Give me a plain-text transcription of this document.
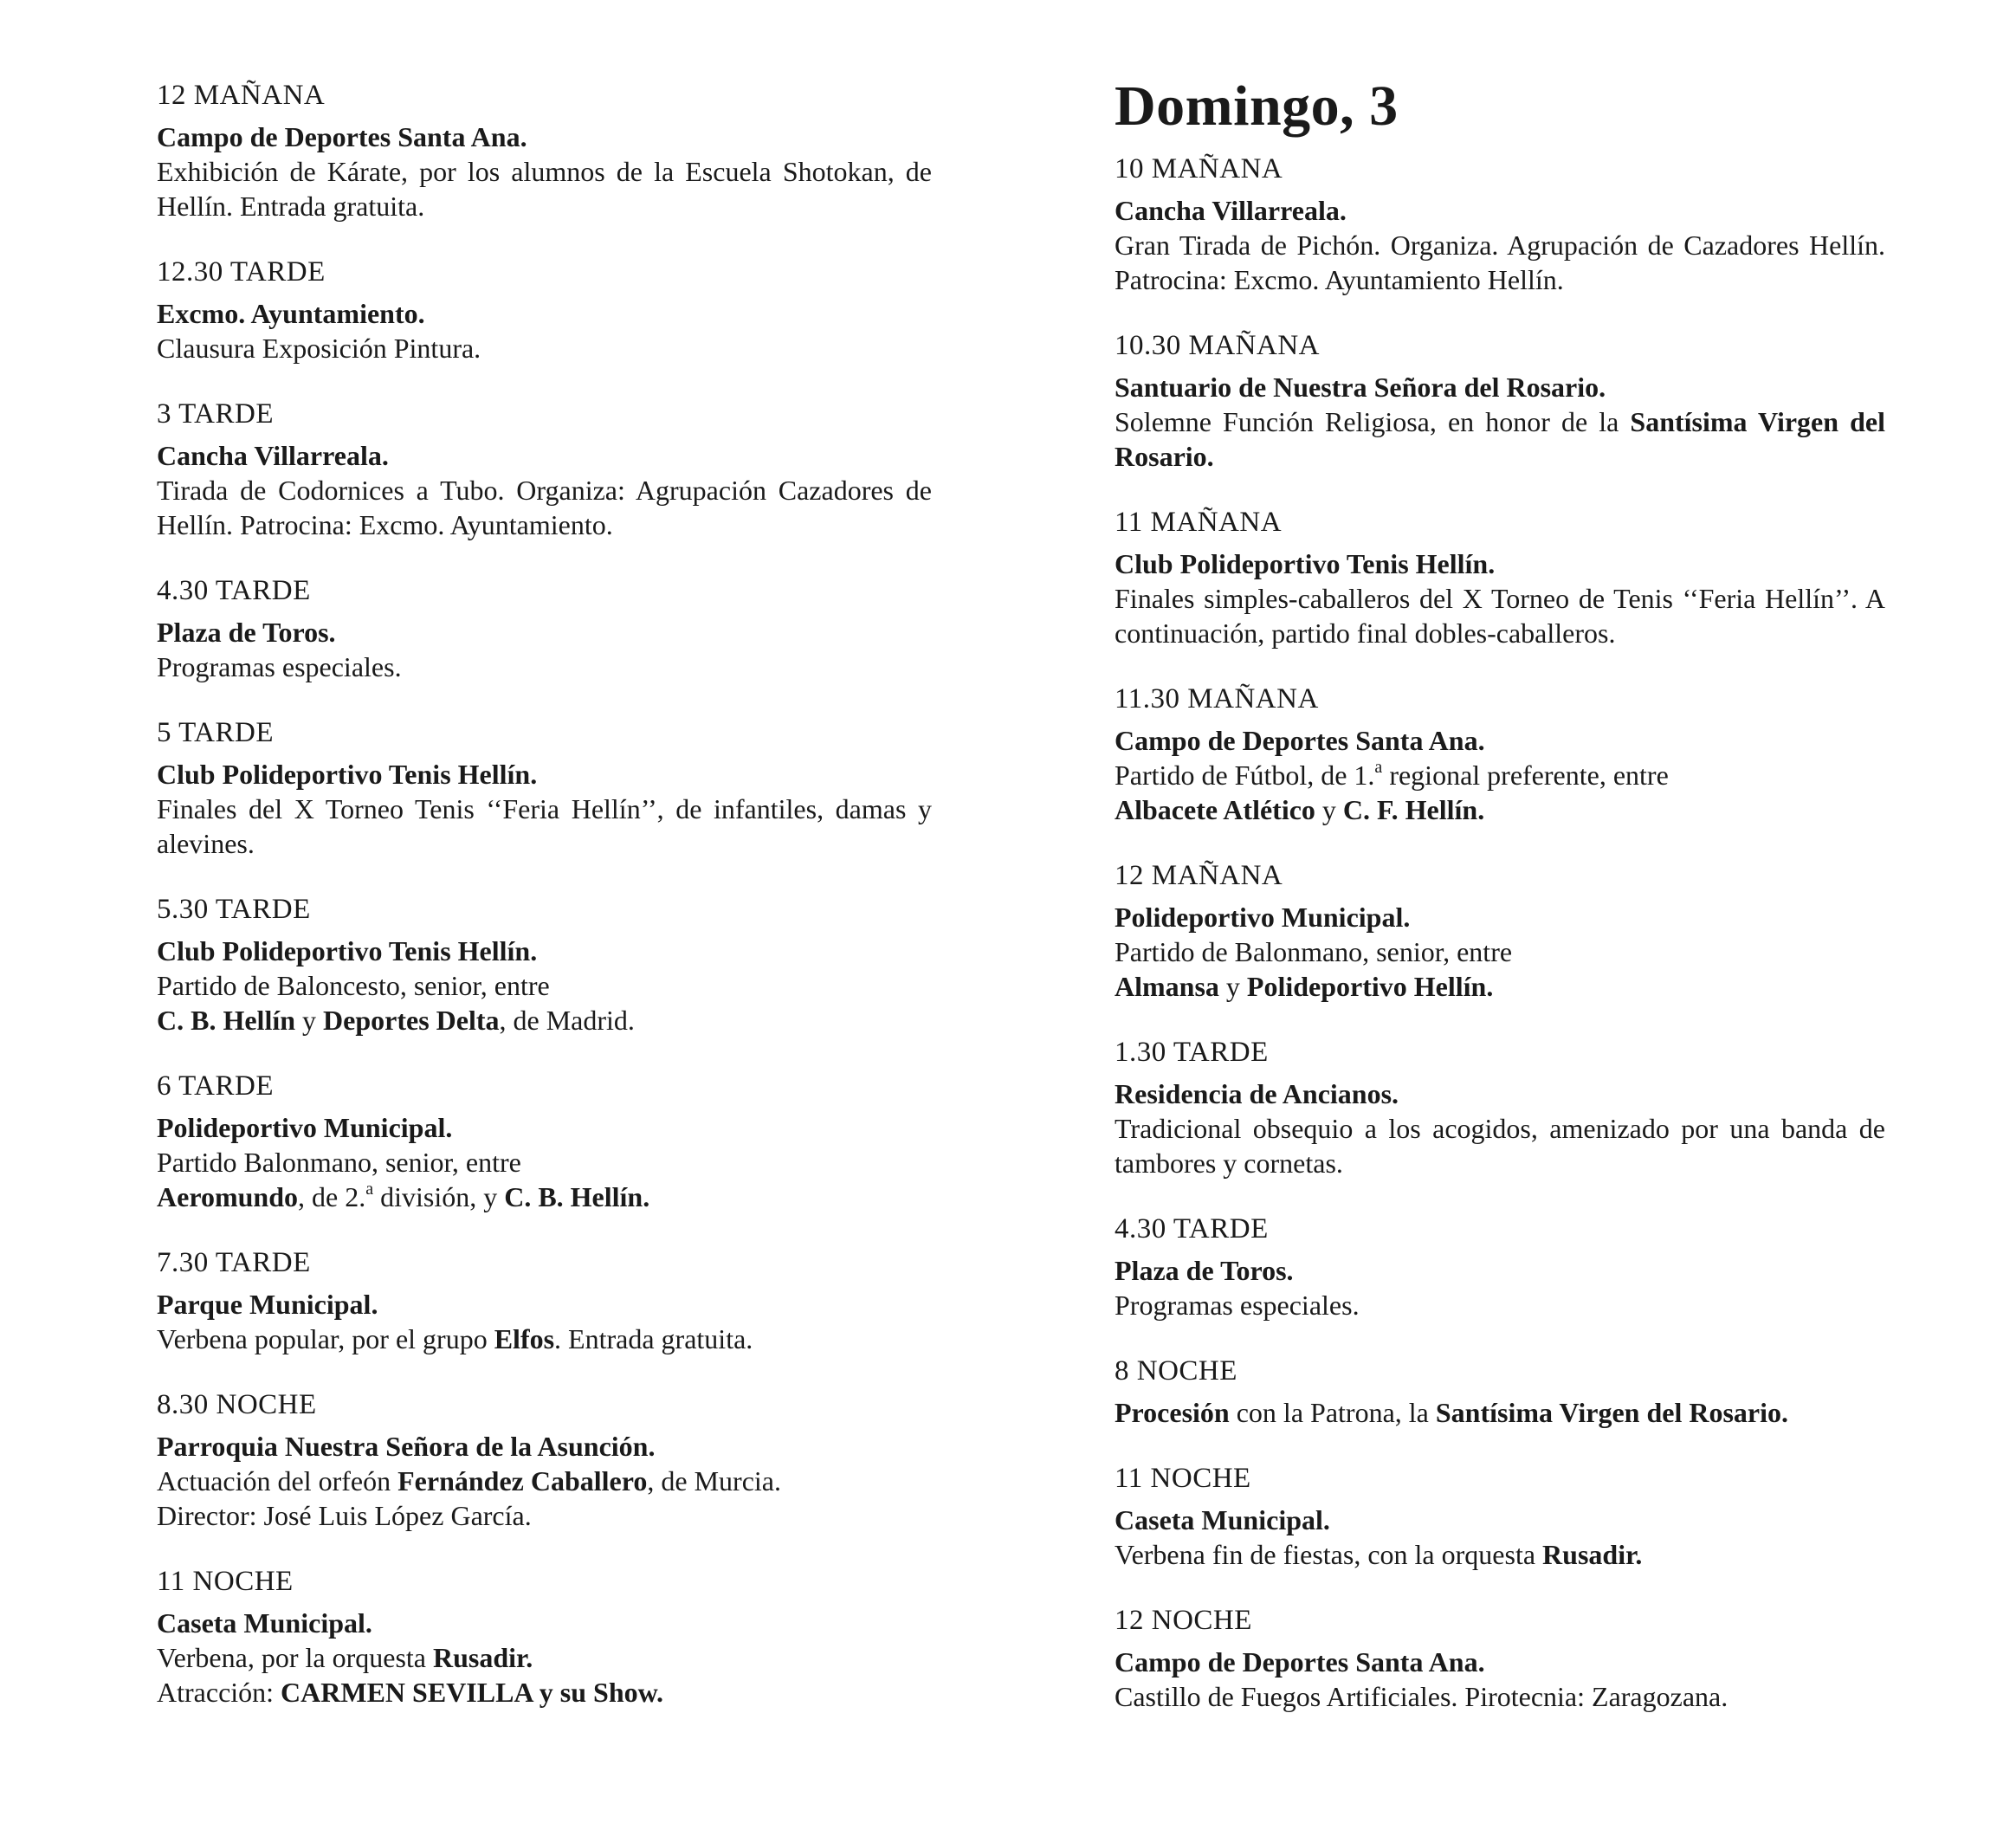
12 MAÑANA
Campo de Deportes Santa Ana.
Exhibición de Kárate, por los alumnos de la Escuela Shotokan, de Hellín. Entrada gratuita.
12.30 TARDE
Excmo. Ayuntamiento.
Clausura Exposición Pintura.
3 TARDE
Cancha Villarreala.
Tirada de Codornices a Tubo. Organiza: Agrupación Cazadores de Hellín. Patrocina: Excmo. Ayuntamiento.
4.30 TARDE
Plaza de Toros.
Programas especiales.
5 TARDE
Club Polideportivo Tenis Hellín.
Finales del X Torneo Tenis ‘‘Feria Hellín’’, de infantiles, damas y alevines.
5.30 TARDE
Club Polideportivo Tenis Hellín.
Partido de Baloncesto, senior, entre
C. B. Hellín y Deportes Delta, de Madrid.
6 TARDE
Polideportivo Municipal.
Partido Balonmano, senior, entre
Aeromundo, de 2.$^a$ división, y C. B. Hellín.
7.30 TARDE
Parque Municipal.
Verbena popular, por el grupo Elfos. Entrada gratuita.
8.30 NOCHE
Parroquia Nuestra Señora de la Asunción.
Actuación del orfeón Fernández Caballero, de Murcia.
Director: José Luis López García.
11 NOCHE
Caseta Municipal.
Verbena, por la orquesta Rusadir.
Atracción: CARMEN SEVILLA y su Show.
Domingo, 3
10 MAÑANA
Cancha Villarreala.
Gran Tirada de Pichón. Organiza. Agrupación de Cazadores Hellín. Patrocina: Excmo. Ayuntamiento Hellín.
10.30 MAÑANA
Santuario de Nuestra Señora del Rosario.
Solemne Función Religiosa, en honor de la Santísima Virgen del Rosario.
11 MAÑANA
Club Polideportivo Tenis Hellín.
Finales simples-caballeros del X Torneo de Tenis ‘‘Feria Hellín’’. A continuación, partido final dobles-caballeros.
11.30 MAÑANA
Campo de Deportes Santa Ana.
Partido de Fútbol, de 1.$^a$ regional preferente, entre
Albacete Atlético y C. F. Hellín.
12 MAÑANA
Polideportivo Municipal.
Partido de Balonmano, senior, entre
Almansa y Polideportivo Hellín.
1.30 TARDE
Residencia de Ancianos.
Tradicional obsequio a los acogidos, amenizado por una banda de tambores y cornetas.
4.30 TARDE
Plaza de Toros.
Programas especiales.
8 NOCHE
Procesión con la Patrona, la Santísima Virgen del Rosario.
11 NOCHE
Caseta Municipal.
Verbena fin de fiestas, con la orquesta Rusadir.
12 NOCHE
Campo de Deportes Santa Ana.
Castillo de Fuegos Artificiales. Pirotecnia: Zaragozana.
